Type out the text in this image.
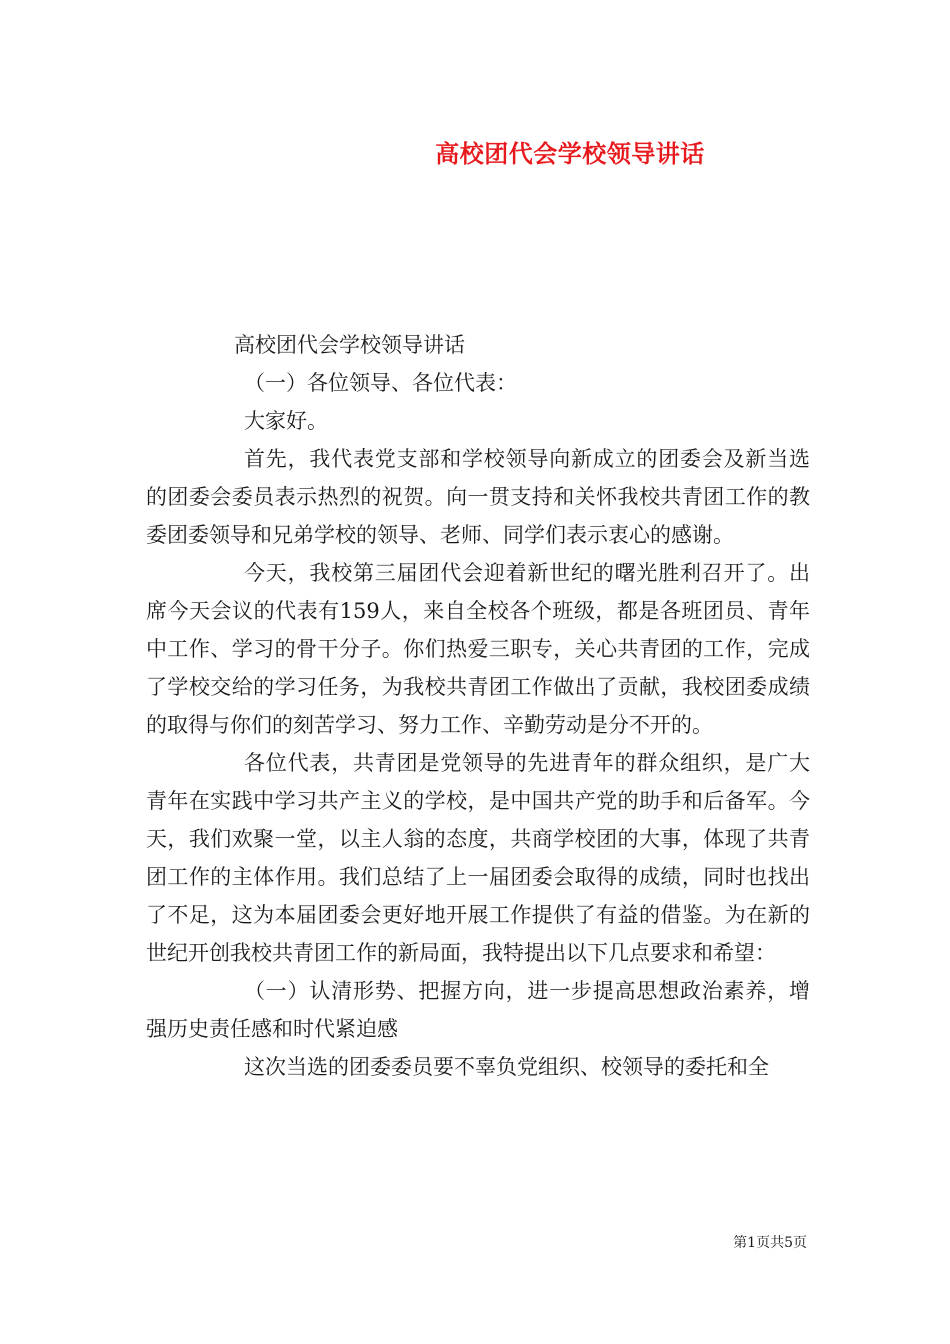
高校团代会学校领导讲话

高校团代会学校领导讲话

（一）各位领导、各位代表：

大家好。

首先，我代表党支部和学校领导向新成立的团委会及新当选的团委会委员表示热烈的祝贺。向一贯支持和关怀我校共青团工作的教委团委领导和兄弟学校的领导、老师、同学们表示衷心的感谢。

今天，我校第三届团代会迎着新世纪的曙光胜利召开了。出席今天会议的代表有159人，来自全校各个班级，都是各班团员、青年中工作、学习的骨干分子。你们热爱三职专，关心共青团的工作，完成了学校交给的学习任务，为我校共青团工作做出了贡献，我校团委成绩的取得与你们的刻苦学习、努力工作、辛勤劳动是分不开的。

各位代表，共青团是党领导的先进青年的群众组织，是广大青年在实践中学习共产主义的学校，是中国共产党的助手和后备军。今天，我们欢聚一堂，以主人翁的态度，共商学校团的大事，体现了共青团工作的主体作用。我们总结了上一届团委会取得的成绩，同时也找出了不足，这为本届团委会更好地开展工作提供了有益的借鉴。为在新的世纪开创我校共青团工作的新局面，我特提出以下几点要求和希望：

（一）认清形势、把握方向，进一步提高思想政治素养，增强历史责任感和时代紧迫感

这次当选的团委委员要不辜负党组织、校领导的委托和全

第1页共5页
